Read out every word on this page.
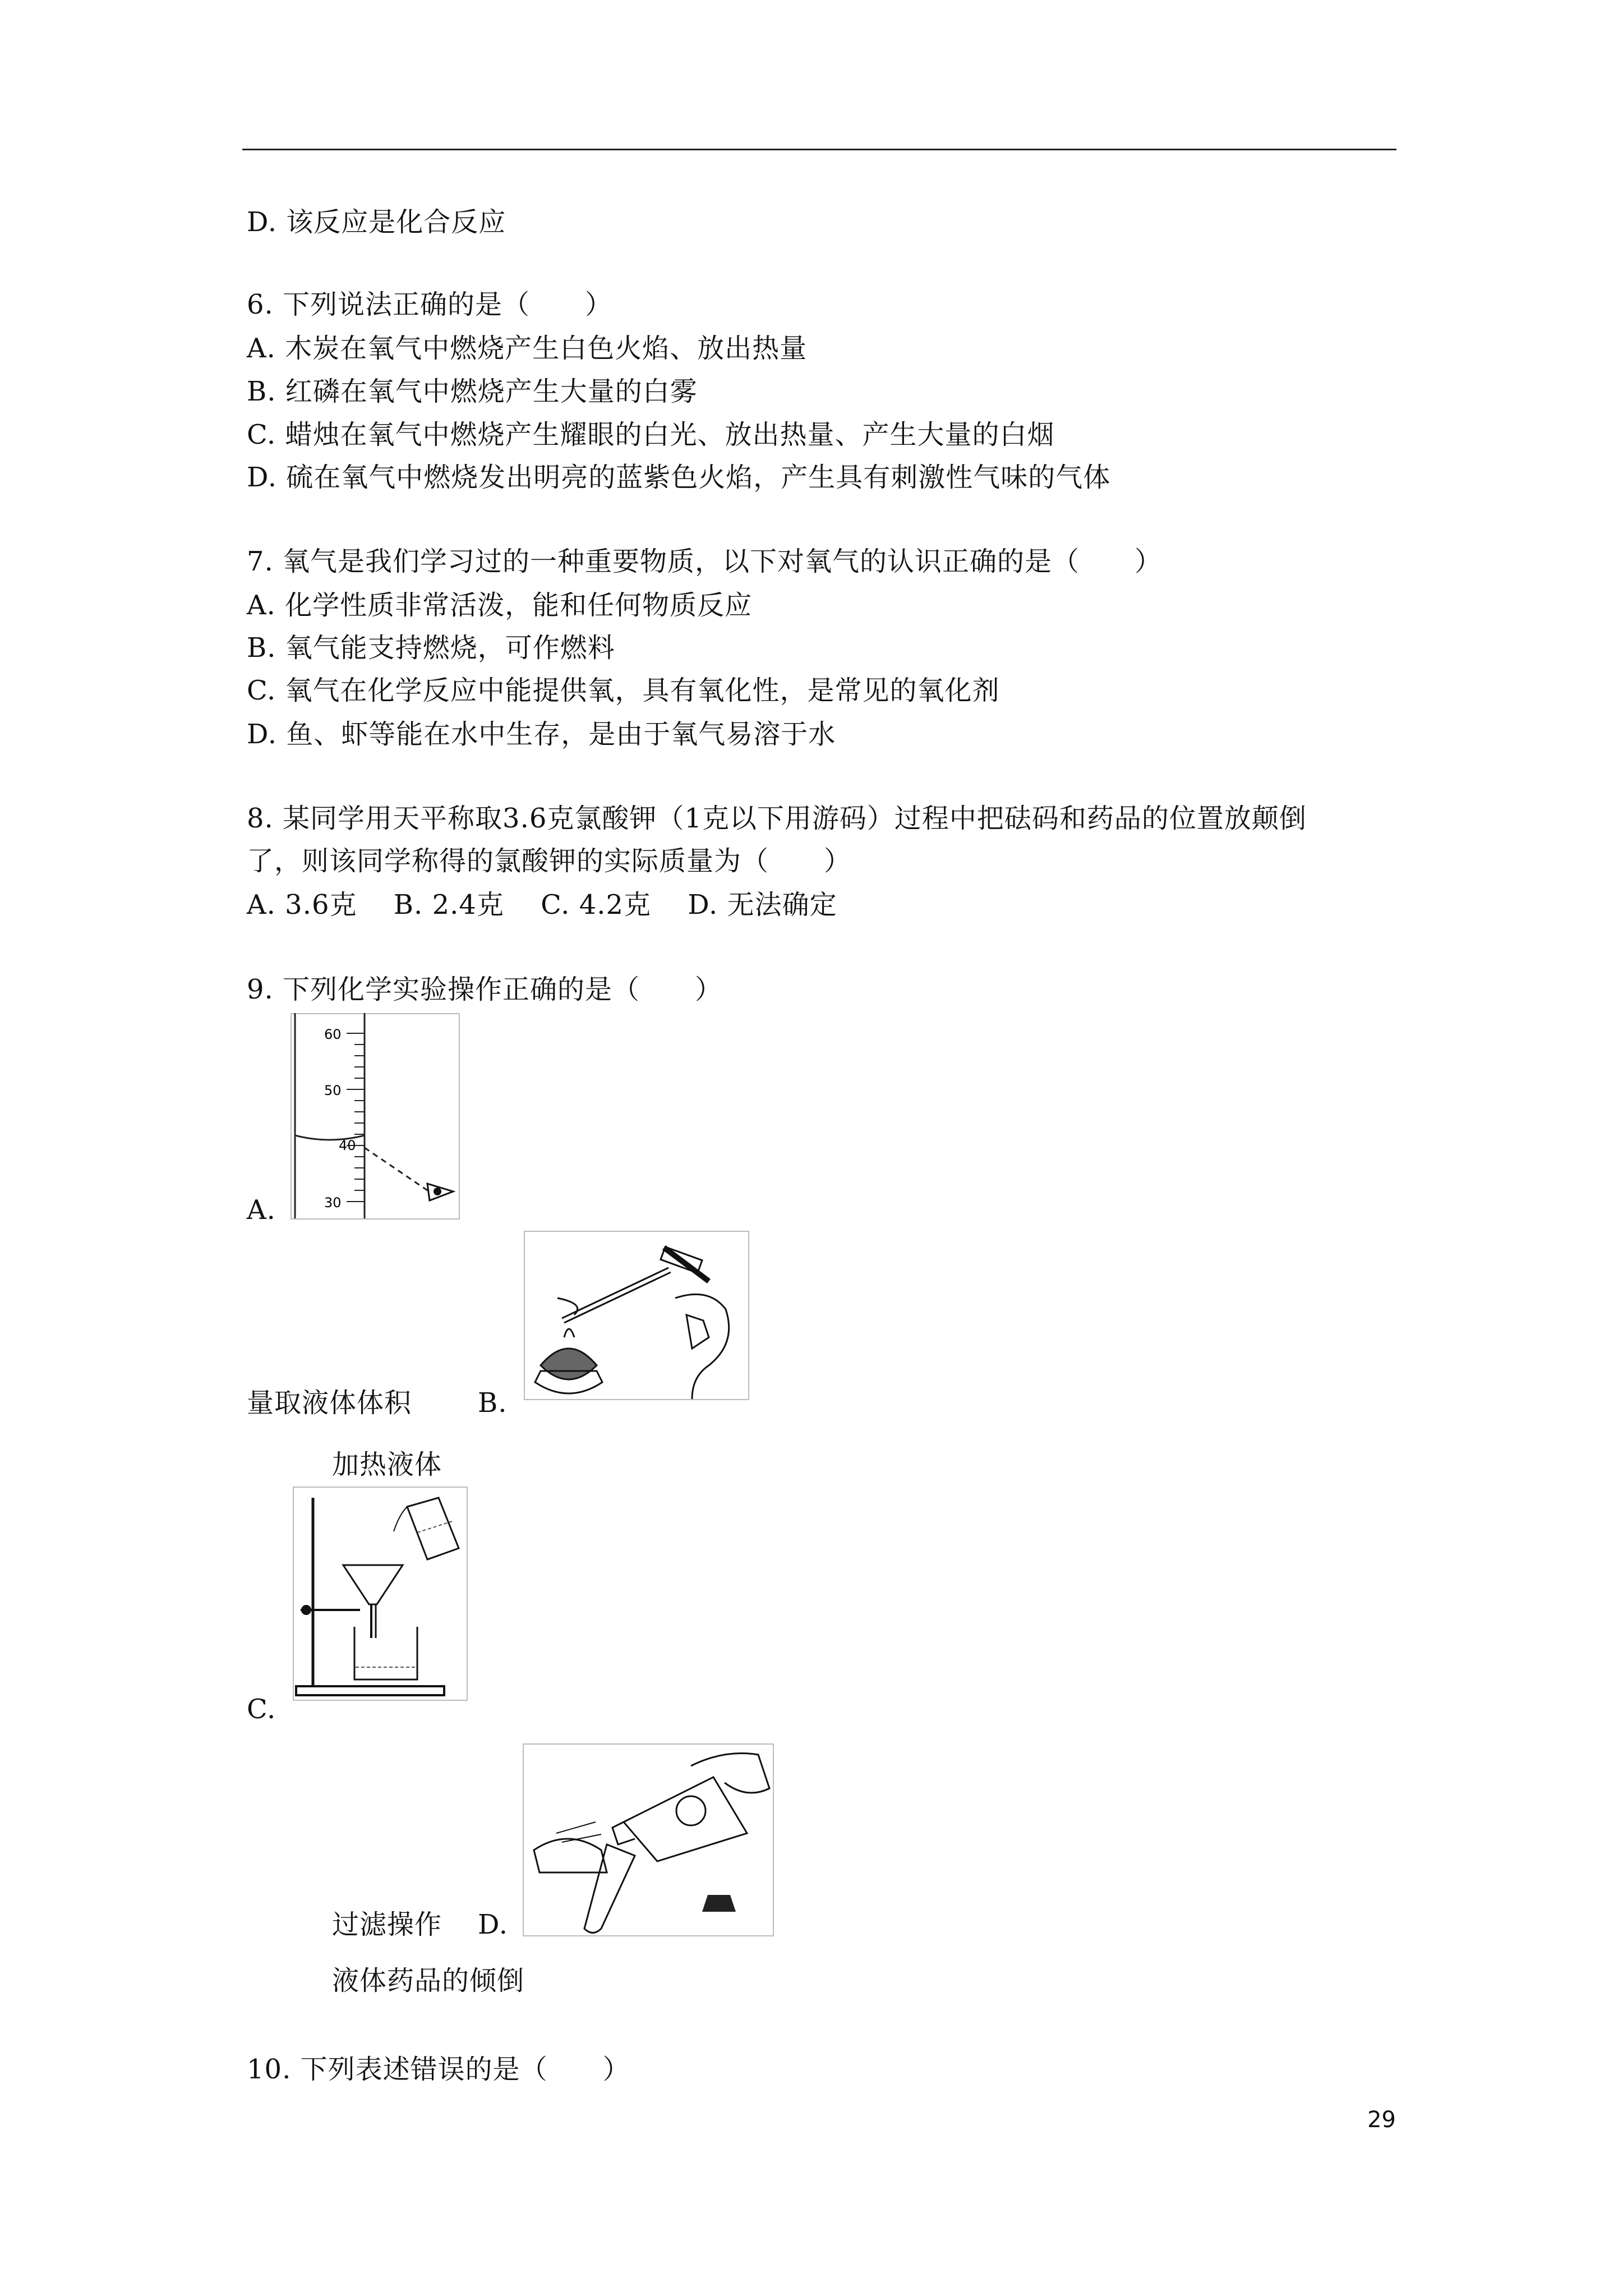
D. 该反应是化合反应
6. 下列说法正确的是（　　）
A. 木炭在氧气中燃烧产生白色火焰、放出热量
B. 红磷在氧气中燃烧产生大量的白雾
C. 蜡烛在氧气中燃烧产生耀眼的白光、放出热量、产生大量的白烟
D. 硫在氧气中燃烧发出明亮的蓝紫色火焰，产生具有刺激性气味的气体
7. 氧气是我们学习过的一种重要物质，以下对氧气的认识正确的是（　　）
A. 化学性质非常活泼，能和任何物质反应
B. 氧气能支持燃烧，可作燃料
C. 氧气在化学反应中能提供氧，具有氧化性，是常见的氧化剂
D. 鱼、虾等能在水中生存，是由于氧气易溶于水
8. 某同学用天平称取3.6克氯酸钾（1克以下用游码）过程中把砝码和药品的位置放颠倒
了，则该同学称得的氯酸钾的实际质量为（　　）
A. 3.6克　 B. 2.4克　 C. 4.2克　 D. 无法确定
9. 下列化学实验操作正确的是（　　）
60
50
40
30
A.
量取液体体积 B.
加热液体
C.
过滤操作 D.
液体药品的倾倒
10. 下列表述错误的是（　　）
29
